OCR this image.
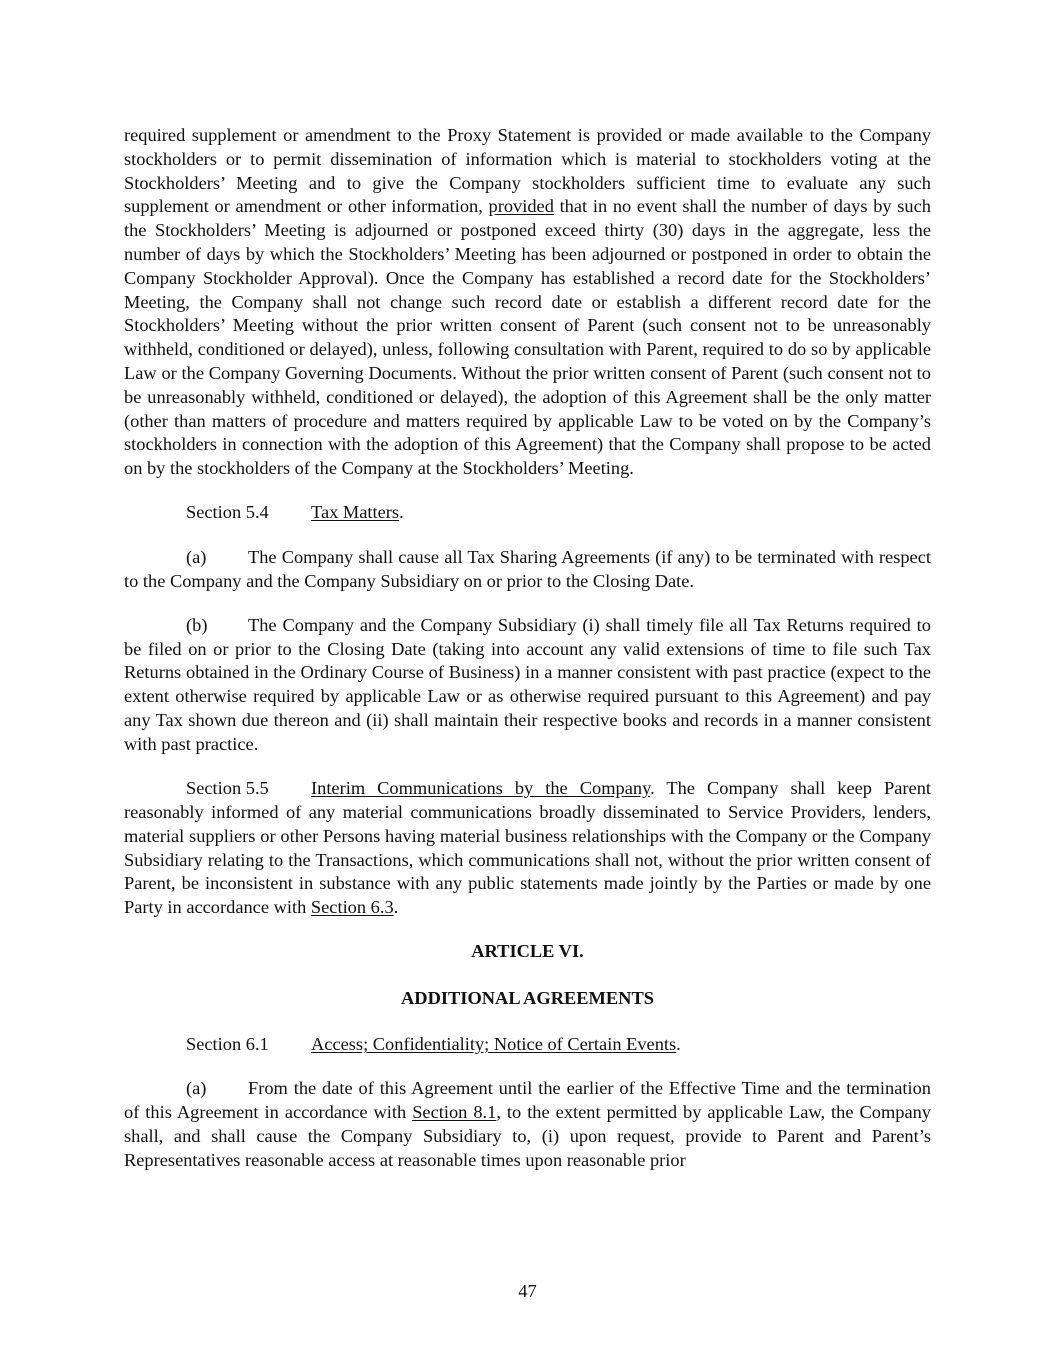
required supplement or amendment to the Proxy Statement is provided or made available to the Company stockholders or to permit dissemination of information which is material to stockholders voting at the Stockholders’ Meeting and to give the Company stockholders sufficient time to evaluate any such supplement or amendment or other information, provided that in no event shall the number of days by such the Stockholders’ Meeting is adjourned or postponed exceed thirty (30) days in the aggregate, less the number of days by which the Stockholders’ Meeting has been adjourned or postponed in order to obtain the Company Stockholder Approval). Once the Company has established a record date for the Stockholders’ Meeting, the Company shall not change such record date or establish a different record date for the Stockholders’ Meeting without the prior written consent of Parent (such consent not to be unreasonably withheld, conditioned or delayed), unless, following consultation with Parent, required to do so by applicable Law or the Company Governing Documents. Without the prior written consent of Parent (such consent not to be unreasonably withheld, conditioned or delayed), the adoption of this Agreement shall be the only matter (other than matters of procedure and matters required by applicable Law to be voted on by the Company’s stockholders in connection with the adoption of this Agreement) that the Company shall propose to be acted on by the stockholders of the Company at the Stockholders’ Meeting.
Section 5.4 Tax Matters.
(a) The Company shall cause all Tax Sharing Agreements (if any) to be terminated with respect to the Company and the Company Subsidiary on or prior to the Closing Date.
(b) The Company and the Company Subsidiary (i) shall timely file all Tax Returns required to be filed on or prior to the Closing Date (taking into account any valid extensions of time to file such Tax Returns obtained in the Ordinary Course of Business) in a manner consistent with past practice (expect to the extent otherwise required by applicable Law or as otherwise required pursuant to this Agreement) and pay any Tax shown due thereon and (ii) shall maintain their respective books and records in a manner consistent with past practice.
Section 5.5 Interim Communications by the Company. The Company shall keep Parent reasonably informed of any material communications broadly disseminated to Service Providers, lenders, material suppliers or other Persons having material business relationships with the Company or the Company Subsidiary relating to the Transactions, which communications shall not, without the prior written consent of Parent, be inconsistent in substance with any public statements made jointly by the Parties or made by one Party in accordance with Section 6.3.
ARTICLE VI.
ADDITIONAL AGREEMENTS
Section 6.1 Access; Confidentiality; Notice of Certain Events.
(a) From the date of this Agreement until the earlier of the Effective Time and the termination of this Agreement in accordance with Section 8.1, to the extent permitted by applicable Law, the Company shall, and shall cause the Company Subsidiary to, (i) upon request, provide to Parent and Parent’s Representatives reasonable access at reasonable times upon reasonable prior
47
